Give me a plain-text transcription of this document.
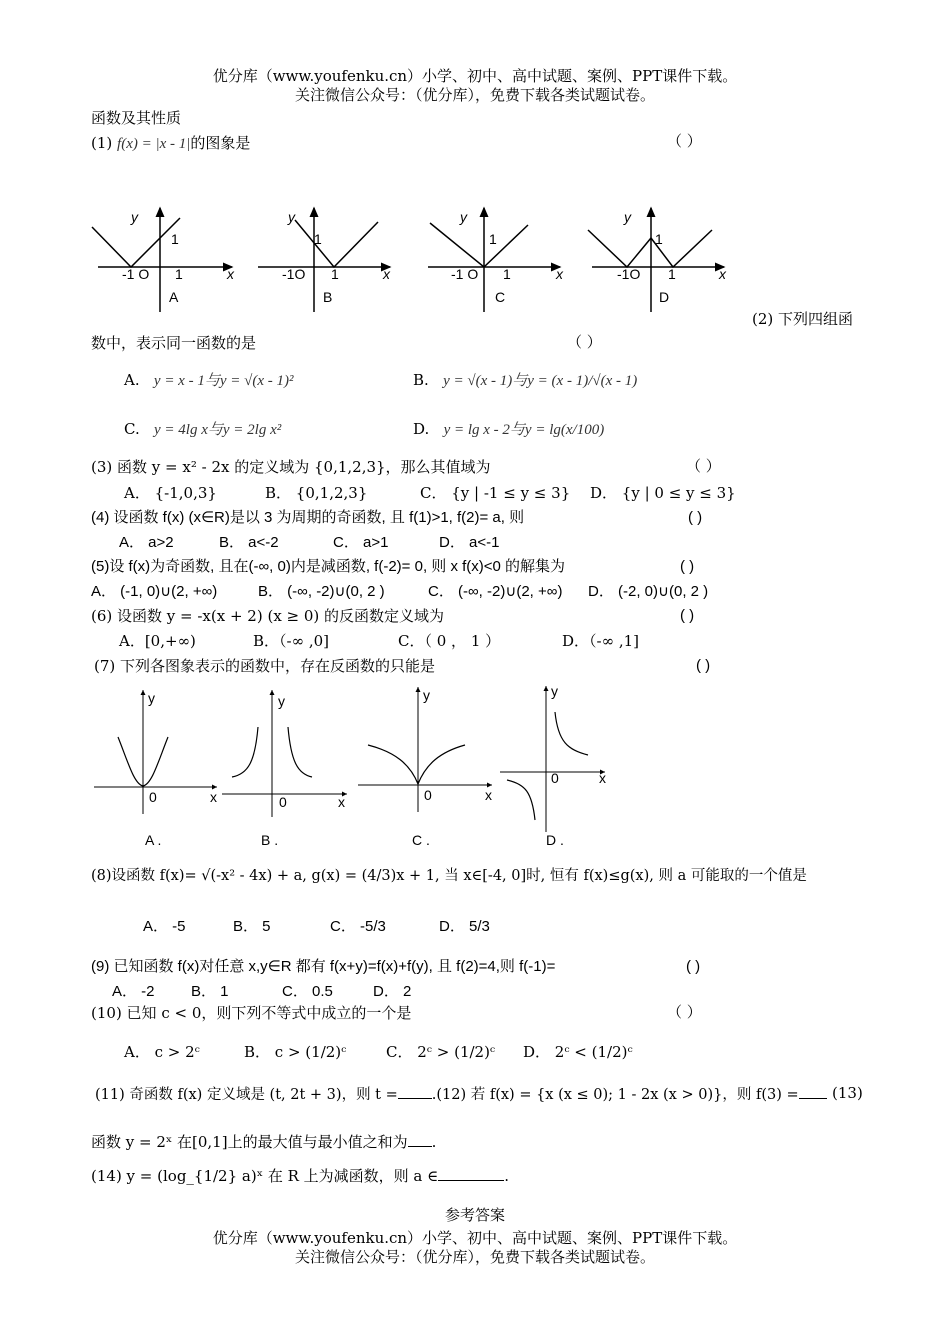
优分库（www.youfenku.cn）小学、初中、高中试题、案例、PPT课件下载。
关注微信公众号：（优分库），免费下载各类试题试卷。
函数及其性质
(1) f(x) = |x - 1|的图象是	（ ）
y
1
-1 O 1	x
A
y
1
-1O 1	x
B
y
1
-1 O 1	x
C
y
1
-1O 1	x
D
(2) 下列四组函
数中，表示同一函数的是	（ ）
A.   y = x - 1与y = √(x - 1)²	B.   y = √(x - 1)与y = (x - 1)/√(x - 1)
C.   y = 4lg x与y = 2lg x²	D.   y = lg x - 2与y = lg(x/100)
(3) 函数 y = x² - 2x 的定义域为 {0,1,2,3}，那么其值域为	（ ）
A． {-1,0,3}	B． {0,1,2,3}	C． {y | -1 ≤ y ≤ 3} D． {y | 0 ≤ y ≤ 3}
(4) 设函数 f(x) (x∈R)是以 3 为周期的奇函数, 且 f(1)>1, f(2)= a, 则	( )
A． a>2	B． a<-2	C． a>1	D． a<-1
(5)设 f(x)为奇函数, 且在(-∞, 0)内是减函数, f(-2)= 0, 则 x f(x)<0 的解集为	( )
A． (-1, 0)∪(2, +∞)	B． (-∞, -2)∪(0, 2 )	C． (-∞, -2)∪(2, +∞) D． (-2, 0)∪(0, 2 )
(6) 设函数 y = -x(x + 2) (x ≥ 0) 的反函数定义域为	( )
A．[0,+∞)	B．（-∞ ,0]	C．（ 0 ， 1 ）	D．（-∞ ,1]
(7) 下列各图象表示的函数中，存在反函数的只能是	( )
y
0	x
A .
y
0	x
B .
y
0	x
C .
y
0	x
D .
(8)设函数 f(x)= √(-x² - 4x) + a, g(x) = (4/3)x + 1, 当 x∈[-4, 0]时, 恒有 f(x)≤g(x), 则 a 可能取的一个值是
A． -5	B． 5	C． -5/3	D． 5/3
(9) 已知函数 f(x)对任意 x,y∈R 都有 f(x+y)=f(x)+f(y), 且 f(2)=4,则 f(-1)=	( )
A． -2 B． 1	C． 0.5	D． 2
(10) 已知 c < 0，则下列不等式中成立的一个是	（ ）
A． c > 2ᶜ	B． c > (1/2)ᶜ	C． 2ᶜ > (1/2)ᶜ D． 2ᶜ < (1/2)ᶜ
(11) 奇函数 f(x) 定义域是 (t, 2t + 3)，则 t = .(12) 若 f(x) = {x (x ≤ 0); 1 - 2x (x > 0)}，则 f(3) =	(13)
函数 y = 2ˣ 在[0,1]上的最大值与最小值之和为 .
(14) y = (log_{1/2} a)ˣ 在 R 上为减函数，则 a ∈	.
参考答案
优分库（www.youfenku.cn）小学、初中、高中试题、案例、PPT课件下载。
关注微信公众号：（优分库），免费下载各类试题试卷。
